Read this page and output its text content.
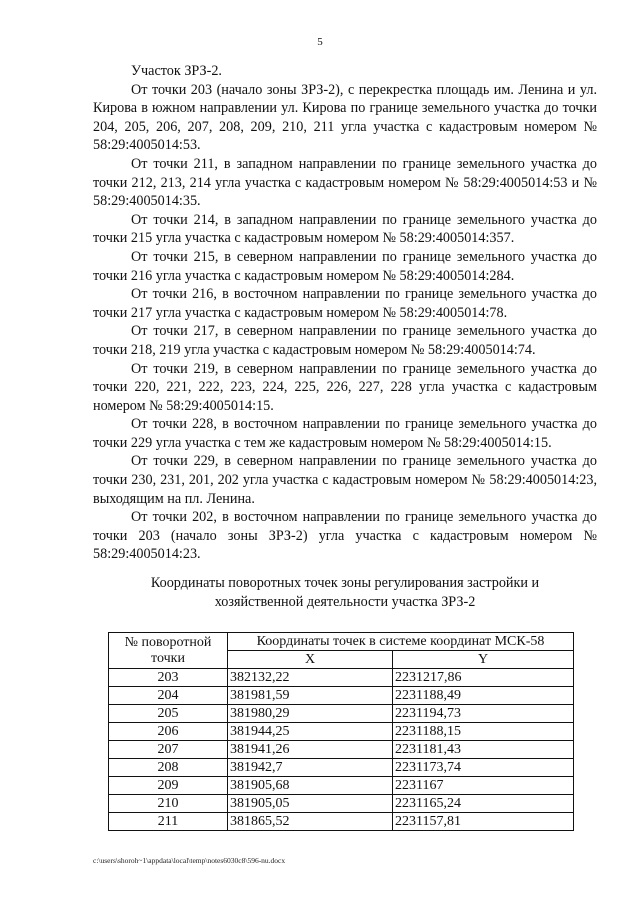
5

Участок ЗРЗ-2.

От точки 203 (начало зоны ЗРЗ-2), с перекрестка площадь им. Ленина и ул. Кирова в южном направлении ул. Кирова по границе земельного участка до точки 204, 205, 206, 207, 208, 209, 210, 211 угла участка с кадастровым номером № 58:29:4005014:53.

От точки 211, в западном направлении по границе земельного участка до точки 212, 213, 214 угла участка с кадастровым номером № 58:29:4005014:53 и № 58:29:4005014:35.

От точки 214, в западном направлении по границе земельного участка до точки 215 угла участка с кадастровым номером № 58:29:4005014:357.

От точки 215, в северном направлении по границе земельного участка до точки 216 угла участка с кадастровым номером № 58:29:4005014:284.

От точки 216, в восточном направлении по границе земельного участка до точки 217 угла участка с кадастровым номером № 58:29:4005014:78.

От точки 217, в северном направлении по границе земельного участка до точки 218, 219 угла участка с кадастровым номером № 58:29:4005014:74.

От точки 219, в северном направлении по границе земельного участка до точки 220, 221, 222, 223, 224, 225, 226, 227, 228 угла участка с кадастровым номером № 58:29:4005014:15.

От точки 228, в восточном направлении по границе земельного участка до точки 229 угла участка с тем же кадастровым номером № 58:29:4005014:15.

От точки 229, в северном направлении по границе земельного участка до точки 230, 231, 201, 202 угла участка с кадастровым номером № 58:29:4005014:23, выходящим на пл. Ленина.

От точки 202, в восточном направлении по границе земельного участка до точки 203 (начало зоны ЗРЗ-2) угла участка с кадастровым номером № 58:29:4005014:23.

Координаты поворотных точек зоны регулирования застройки и
хозяйственной деятельности участка ЗРЗ-2
№ поворотной
точки	Координаты точек в системе координат МСК-58	
	X	Y
203	382132,22	2231217,86
204	381981,59	2231188,49
205	381980,29	2231194,73
206	381944,25	2231188,15
207	381941,26	2231181,43
208	381942,7	2231173,74
209	381905,68	2231167
210	381905,05	2231165,24
211	381865,52	2231157,81
c:\users\shoroh~1\appdata\local\temp\notes6030c8\596-nu.docx
